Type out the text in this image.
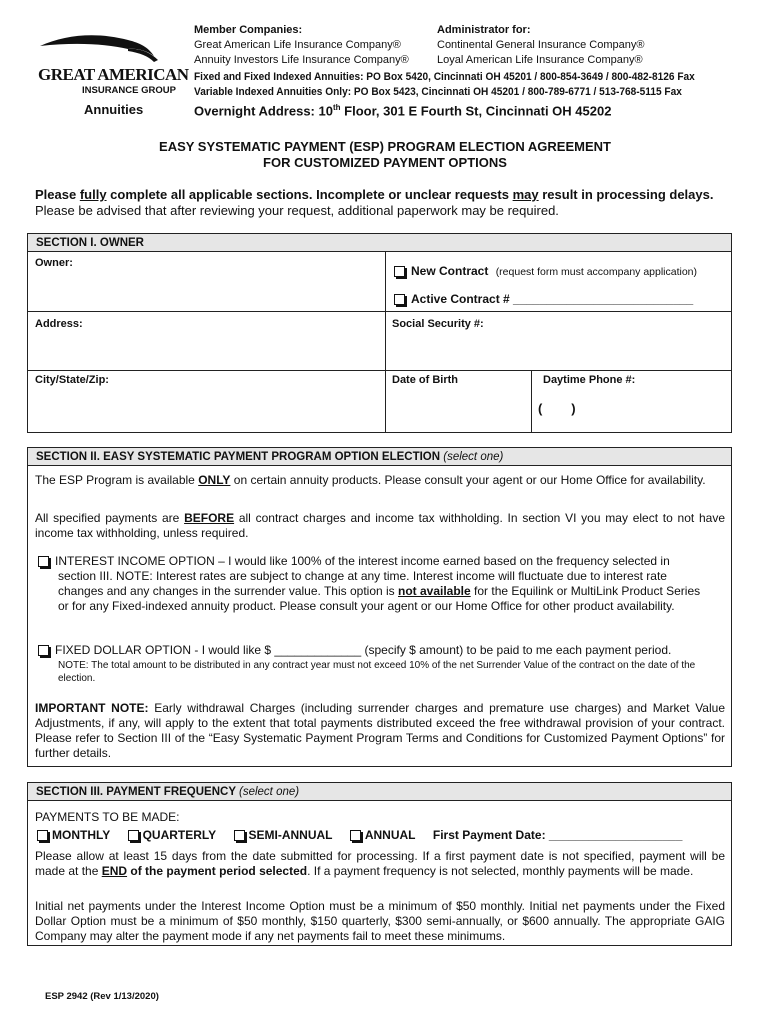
GREAT AMERICAN
INSURANCE GROUP
Annuities
Member Companies:
Great American Life Insurance Company®
Annuity Investors Life Insurance Company®
Administrator for:
Continental General Insurance Company®
Loyal American Life Insurance Company®
Fixed and Fixed Indexed Annuities: PO Box 5420, Cincinnati OH 45201 / 800-854-3649 / 800-482-8126 Fax
Variable Indexed Annuities Only: PO Box 5423, Cincinnati OH 45201 / 800-789-6771 / 513-768-5115 Fax
Overnight Address: 10th Floor, 301 E Fourth St, Cincinnati OH 45202
EASY SYSTEMATIC PAYMENT (ESP) PROGRAM ELECTION AGREEMENT
FOR CUSTOMIZED PAYMENT OPTIONS
Please fully complete all applicable sections. Incomplete or unclear requests may result in processing delays.
Please be advised that after reviewing your request, additional paperwork may be required.
SECTION I. OWNER
Owner:
New Contract (request form must accompany application)
Active Contract # ___________________________
Address:	Social Security #:
City/State/Zip:	Date of Birth	Daytime Phone #:
(        )
SECTION II. EASY SYSTEMATIC PAYMENT PROGRAM OPTION ELECTION (select one)
The ESP Program is available ONLY on certain annuity products. Please consult your agent or our Home Office for availability.
All specified payments are BEFORE all contract charges and income tax withholding. In section VI you may elect to not have income tax withholding, unless required.
INTEREST INCOME OPTION – I would like 100% of the interest income earned based on the frequency selected in
section III. NOTE: Interest rates are subject to change at any time. Interest income will fluctuate due to interest rate changes and any changes in the surrender value. This option is not available for the Equilink or MultiLink Product Series or for any Fixed-indexed annuity product. Please consult your agent or our Home Office for other product availability.
FIXED DOLLAR OPTION - I would like $ _____________ (specify $ amount) to be paid to me each payment period.
NOTE: The total amount to be distributed in any contract year must not exceed 10% of the net Surrender Value of the contract on the date of the election.
IMPORTANT NOTE: Early withdrawal Charges (including surrender charges and premature use charges) and Market Value Adjustments, if any, will apply to the extent that total payments distributed exceed the free withdrawal provision of your contract. Please refer to Section III of the “Easy Systematic Payment Program Terms and Conditions for Customized Payment Options” for further details.
SECTION III. PAYMENT FREQUENCY (select one)
PAYMENTS TO BE MADE:
MONTHLY	QUARTERLY	SEMI-ANNUAL	ANNUAL First Payment Date: ____________________
Please allow at least 15 days from the date submitted for processing. If a first payment date is not specified, payment will be made at the END of the payment period selected. If a payment frequency is not selected, monthly payments will be made.
Initial net payments under the Interest Income Option must be a minimum of $50 monthly. Initial net payments under the Fixed Dollar Option must be a minimum of $50 monthly, $150 quarterly, $300 semi-annually, or $600 annually. The appropriate GAIG Company may alter the payment mode if any net payments fail to meet these minimums.
ESP 2942 (Rev 1/13/2020)
